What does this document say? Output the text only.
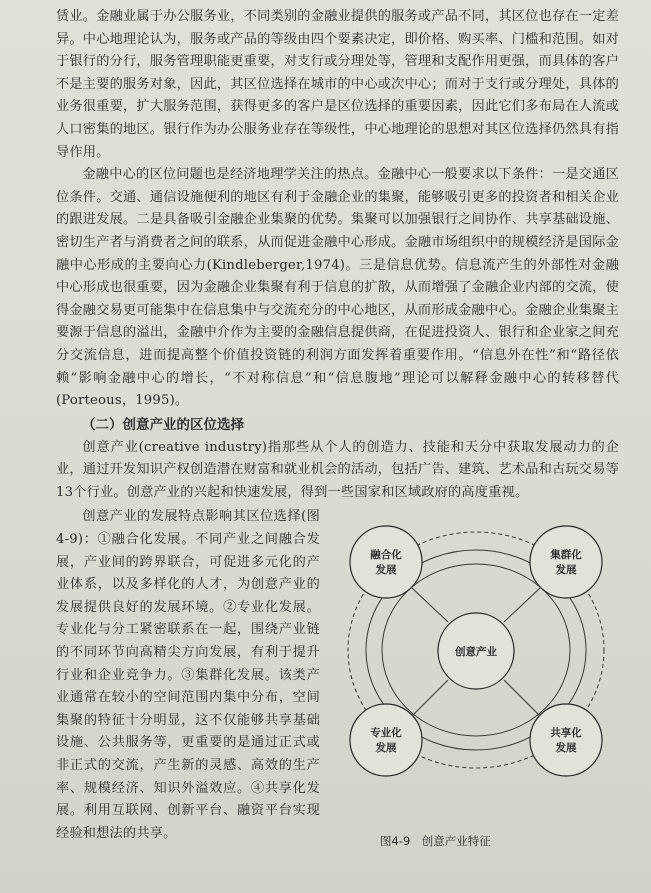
赁业。金融业属于办公服务业，不同类别的金融业提供的服务或产品不同，其区位也存在一定差异。中心地理论认为，服务或产品的等级由四个要素决定，即价格、购买率、门槛和范围。如对于银行的分行，服务管理职能更重要，对支行或分理处等，管理和支配作用更强，而具体的客户不是主要的服务对象，因此，其区位选择在城市的中心或次中心；而对于支行或分理处，具体的业务很重要，扩大服务范围，获得更多的客户是区位选择的重要因素，因此它们多布局在人流或人口密集的地区。银行作为办公服务业存在等级性，中心地理论的思想对其区位选择仍然具有指导作用。

金融中心的区位问题也是经济地理学关注的热点。金融中心一般要求以下条件：一是交通区位条件。交通、通信设施便利的地区有利于金融企业的集聚，能够吸引更多的投资者和相关企业的跟进发展。二是具备吸引金融企业集聚的优势。集聚可以加强银行之间协作、共享基础设施、密切生产者与消费者之间的联系，从而促进金融中心形成。金融市场组织中的规模经济是国际金融中心形成的主要向心力(Kindleberger,1974)。三是信息优势。信息流产生的外部性对金融中心形成也很重要，因为金融企业集聚有利于信息的扩散，从而增强了金融企业内部的交流，使得金融交易更可能集中在信息集中与交流充分的中心地区，从而形成金融中心。金融企业集聚主要源于信息的溢出，金融中介作为主要的金融信息提供商，在促进投资人、银行和企业家之间充分交流信息，进而提高整个价值投资链的利润方面发挥着重要作用。“信息外在性”和“路径依赖”影响金融中心的增长，“不对称信息”和“信息腹地”理论可以解释金融中心的转移替代(Porteous，1995)。

（二）创意产业的区位选择

创意产业(creative industry)指那些从个人的创造力、技能和天分中获取发展动力的企业，通过开发知识产权创造潜在财富和就业机会的活动，包括广告、建筑、艺术品和古玩交易等13个行业。创意产业的兴起和快速发展，得到一些国家和区域政府的高度重视。

创意产业的发展特点影响其区位选择(图4-9)：①融合化发展。不同产业之间融合发展，产业间的跨界联合，可促进多元化的产业体系，以及多样化的人才，为创意产业的发展提供良好的发展环境。②专业化发展。专业化与分工紧密联系在一起，围绕产业链的不同环节向高精尖方向发展，有利于提升行业和企业竞争力。③集群化发展。该类产业通常在较小的空间范围内集中分布，空间集聚的特征十分明显，这不仅能够共享基础设施、公共服务等，更重要的是通过正式或非正式的交流，产生新的灵感、高效的生产率、规模经济、知识外溢效应。④共享化发展。利用互联网、创新平台、融资平台实现经验和想法的共享。

融合化
发展
集群化
发展
创意产业
专业化
发展
共享化
发展
图4-9　创意产业特征
